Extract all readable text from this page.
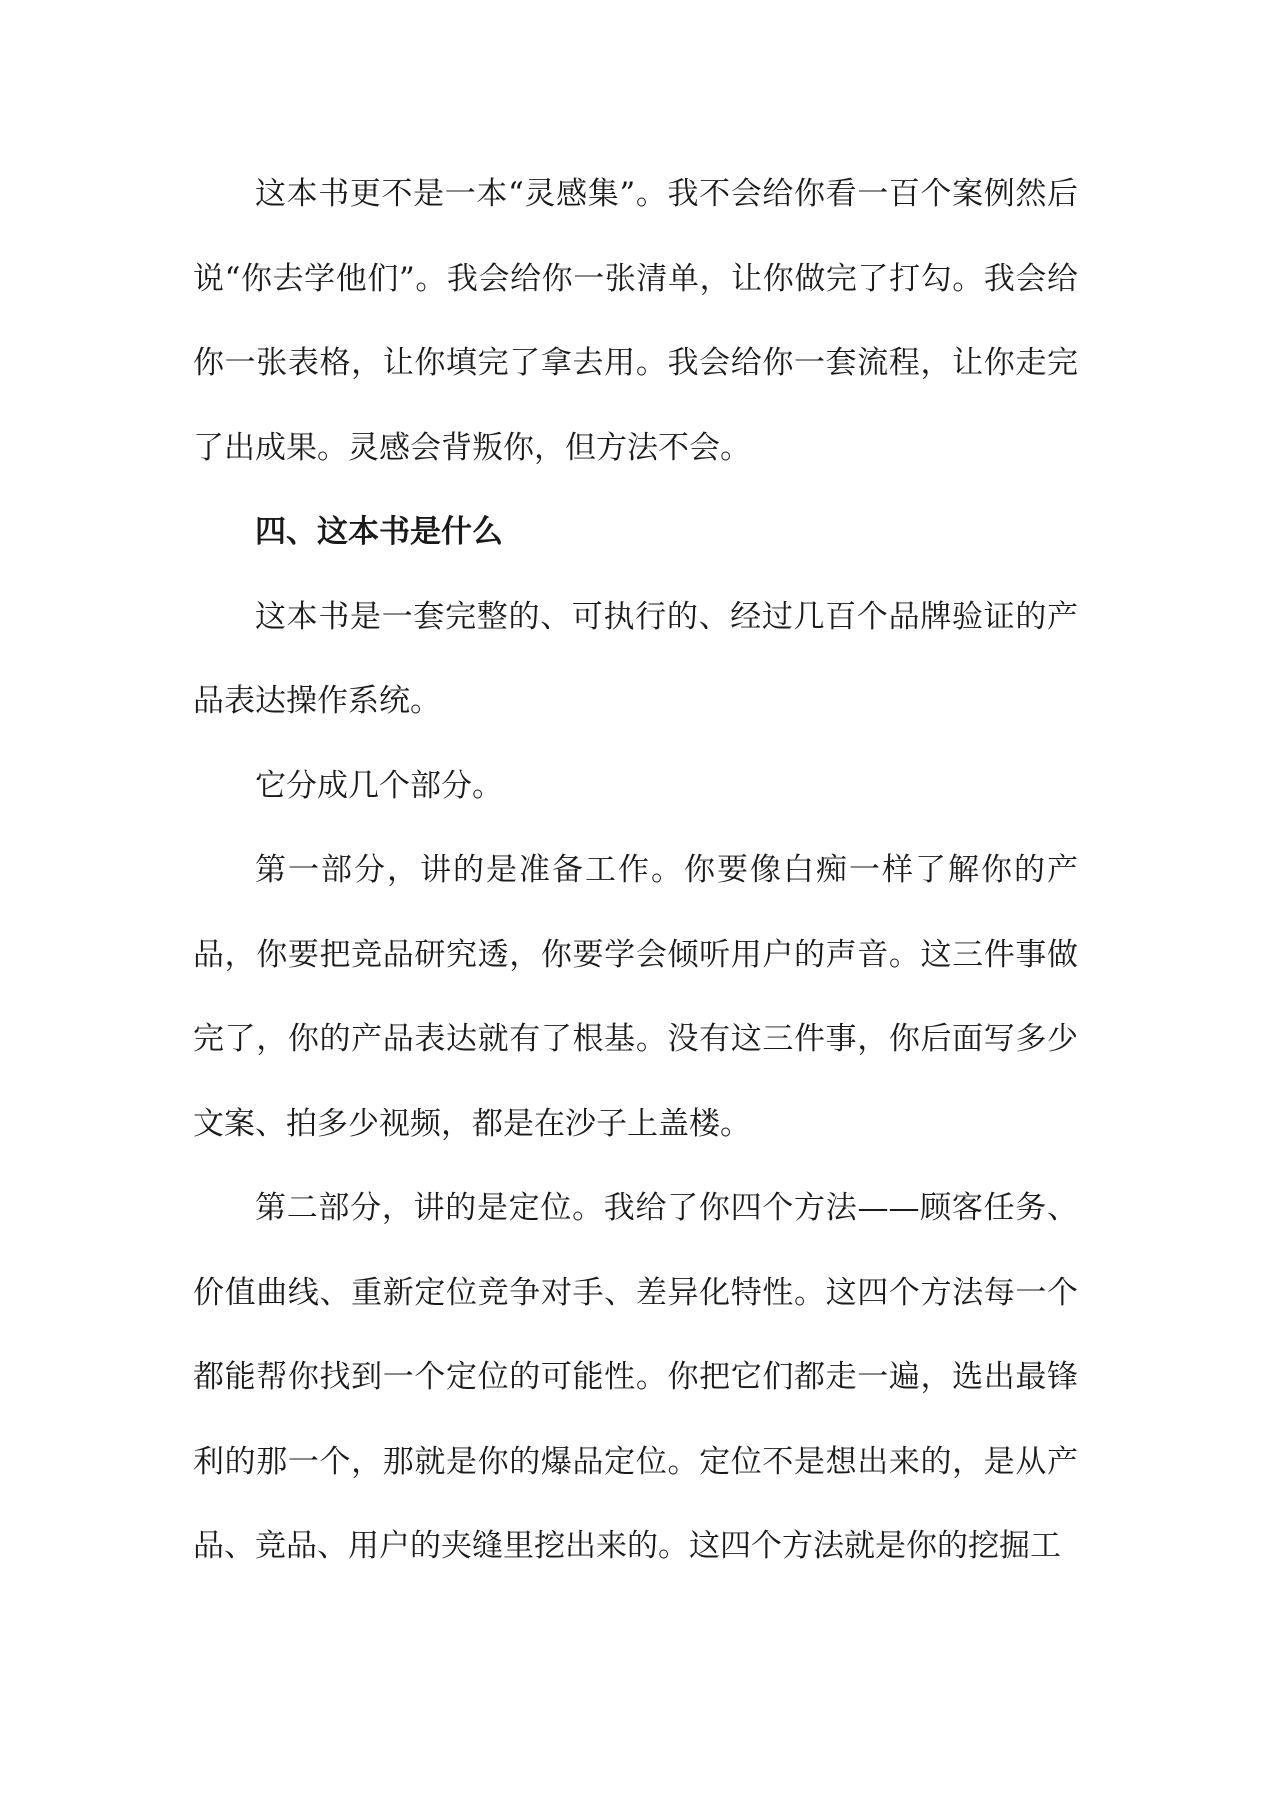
这本书更不是一本“灵感集”。我不会给你看一百个案例然后说“你去学他们”。我会给你一张清单，让你做完了打勾。我会给你一张表格，让你填完了拿去用。我会给你一套流程，让你走完了出成果。灵感会背叛你，但方法不会。

四、这本书是什么

这本书是一套完整的、可执行的、经过几百个品牌验证的产品表达操作系统。

它分成几个部分。

第一部分，讲的是准备工作。你要像白痴一样了解你的产品，你要把竞品研究透，你要学会倾听用户的声音。这三件事做完了，你的产品表达就有了根基。没有这三件事，你后面写多少文案、拍多少视频，都是在沙子上盖楼。

第二部分，讲的是定位。我给了你四个方法——顾客任务、价值曲线、重新定位竞争对手、差异化特性。这四个方法每一个都能帮你找到一个定位的可能性。你把它们都走一遍，选出最锋利的那一个，那就是你的爆品定位。定位不是想出来的，是从产品、竞品、用户的夹缝里挖出来的。这四个方法就是你的挖掘工
